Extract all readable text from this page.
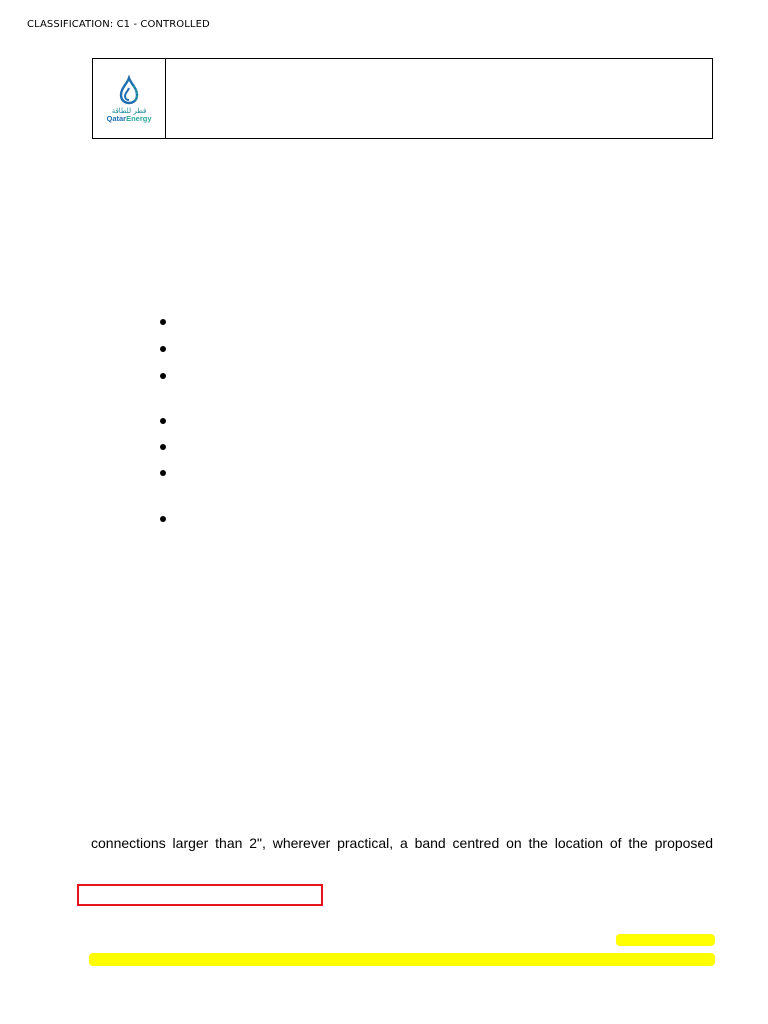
CLASSIFICATION: C1 - CONTROLLED
قطر للطاقة
QatarEnergy
connections larger than 2", wherever practical, a band centred on the location of the proposed
